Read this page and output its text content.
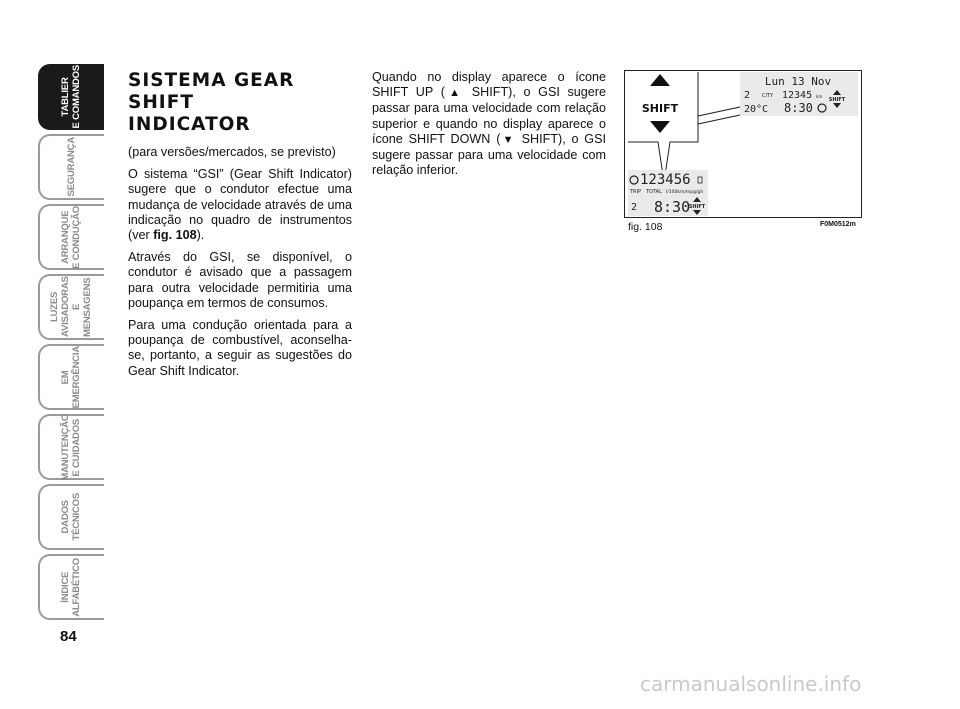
TABLIER
E COMANDOS
SEGURANÇA
ARRANQUE
E CONDUÇÃO
LUZES
AVISADORAS
E MENSAGENS
EM
EMERGÊNCIA
MANUTENÇÃO
E CUIDADOS
DADOS
TÉCNICOS
ÍNDICE
ALFABÉTICO
84
SISTEMA GEAR SHIFT
INDICATOR

(para versões/mercados, se previsto)

O sistema “GSI” (Gear Shift Indicator) sugere que o condutor efectue uma mudança de velocidade através de uma indicação no quadro de instrumentos (ver fig. 108).

Através do GSI, se disponível, o condutor é avisado que a passagem para outra velocidade permitiria uma poupança em termos de consumos.

Para uma condução orientada para a poupança de combustível, aconselha-se, portanto, a seguir as sugestões do Gear Shift Indicator.

Quando no display aparece o ícone SHIFT UP (▲ SHIFT), o GSI sugere passar para uma velocidade com relação superior e quando no display aparece o ícone SHIFT DOWN (▼ SHIFT), o GSI sugere passar para uma velocidade com relação inferior.

SHIFT
Lun 13 Nov
2 CITY 12345 km
20°C 8:30
SHIFT
123456
TRIP TOTAL l/100km/mpg/gh
2 8:30
SHIFT
fig. 108	F0M0512m
carmanualsonline.info
